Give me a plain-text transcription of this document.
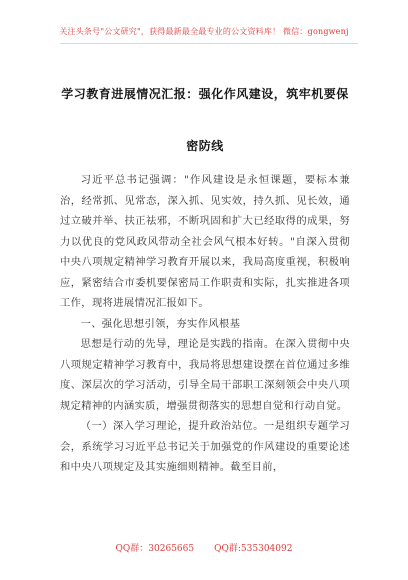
关注头条号"公文研究"，获得最新最全最专业的公文资料库！ 微信：gongwenj
学习教育进展情况汇报：强化作风建设，筑牢机要保密防线

习近平总书记强调："作风建设是永恒课题，要标本兼治，经常抓、见常态，深入抓、见实效，持久抓、见长效，通过立破并举、扶正祛邪，不断巩固和扩大已经取得的成果，努力以优良的党风政风带动全社会风气根本好转。"自深入贯彻中央八项规定精神学习教育开展以来，我局高度重视，积极响应，紧密结合市委机要保密局工作职责和实际，扎实推进各项工作，现将进展情况汇报如下。

一、强化思想引领，夯实作风根基

思想是行动的先导，理论是实践的指南。在深入贯彻中央八项规定精神学习教育中，我局将思想建设摆在首位通过多维度、深层次的学习活动，引导全局干部职工深刻领会中央八项规定精神的内涵实质，增强贯彻落实的思想自觉和行动自觉。

（一）深入学习理论，提升政治站位。一是组织专题学习会，系统学习习近平总书记关于加强党的作风建设的重要论述和中央八项规定及其实施细则精神。截至目前，

QQ群：30265665 QQ群:535304092
